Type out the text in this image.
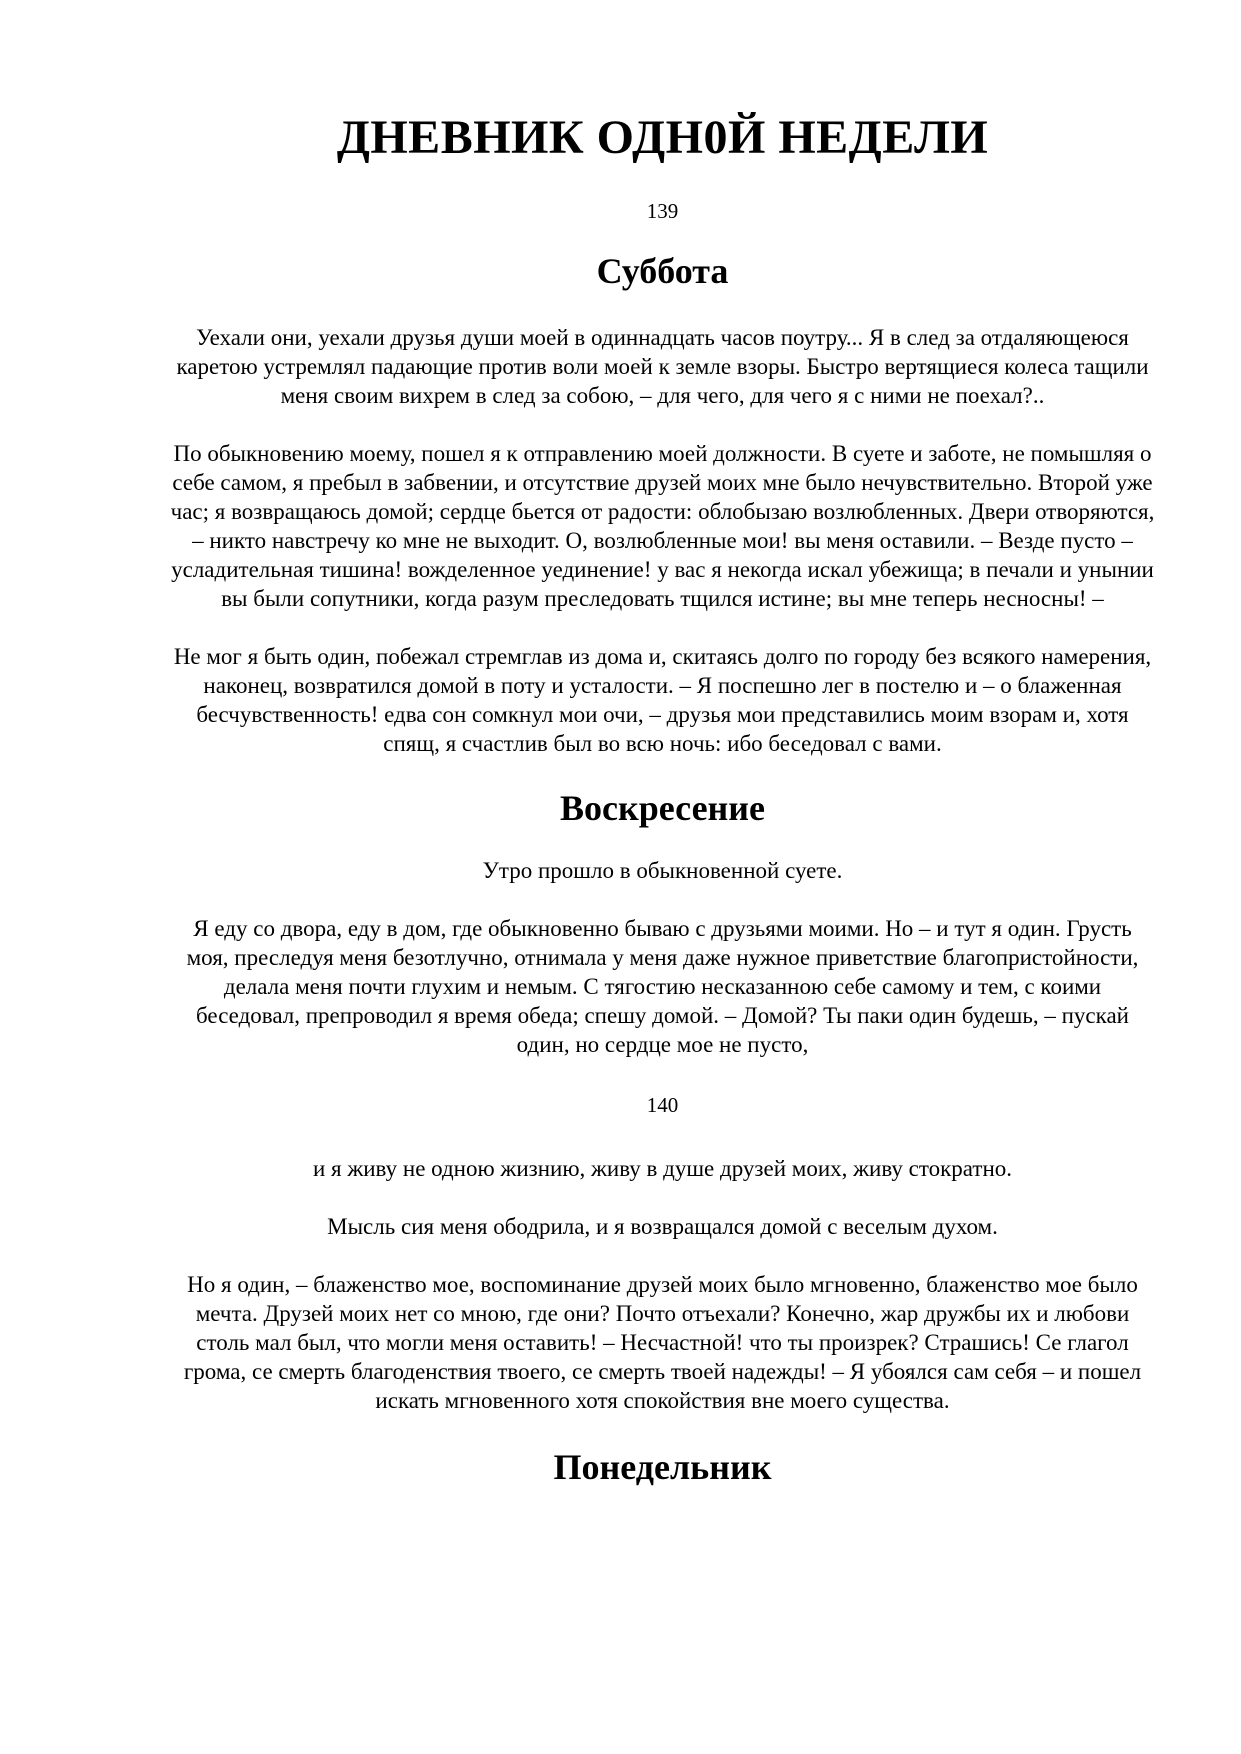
ДНЕВНИК ОДН0Й НЕДЕЛИ

139

Суббота

Уехали они, уехали друзья души моей в одиннадцать часов поутру... Я в след за отдаляющеюся каретою устремлял падающие против воли моей к земле взоры. Быстро вертящиеся колеса тащили меня своим вихрем в след за собою, – для чего, для чего я с ними не поехал?..

По обыкновению моему, пошел я к отправлению моей должности. В суете и заботе, не помышляя о себе самом, я пребыл в забвении, и отсутствие друзей моих мне было нечувствительно. Второй уже час; я возвращаюсь домой; сердце бьется от радости: облобызаю возлюбленных. Двери отворяются, – никто навстречу ко мне не выходит. О, возлюбленные мои! вы меня оставили. – Везде пусто – усладительная тишина! вожделенное уединение! у вас я некогда искал убежища; в печали и унынии вы были сопутники, когда разум преследовать тщился истине; вы мне теперь несносны! –

Не мог я быть один, побежал стремглав из дома и, скитаясь долго по городу без всякого намерения, наконец, возвратился домой в поту и усталости. – Я поспешно лег в постелю и – о блаженная бесчувственность! едва сон сомкнул мои очи, – друзья мои представились моим взорам и, хотя спящ, я счастлив был во всю ночь: ибо беседовал с вами.

Воскресение

Утро прошло в обыкновенной суете.

Я еду со двора, еду в дом, где обыкновенно бываю с друзьями моими. Но – и тут я один. Грусть моя, преследуя меня безотлучно, отнимала у меня даже нужное приветствие благопристойности, делала меня почти глухим и немым. С тягостию несказанною себе самому и тем, с коими беседовал, препроводил я время обеда; спешу домой. – Домой? Ты паки один будешь, – пускай один, но сердце мое не пусто,

140

и я живу не одною жизнию, живу в душе друзей моих, живу стократно.

Мысль сия меня ободрила, и я возвращался домой с веселым духом.

Но я один, – блаженство мое, воспоминание друзей моих было мгновенно, блаженство мое было мечта. Друзей моих нет со мною, где они? Почто отъехали? Конечно, жар дружбы их и любови столь мал был, что могли меня оставить! – Несчастной! что ты произрек? Страшись! Се глагол грома, се смерть благоденствия твоего, се смерть твоей надежды! – Я убоялся сам себя – и пошел искать мгновенного хотя спокойствия вне моего существа.

Понедельник
